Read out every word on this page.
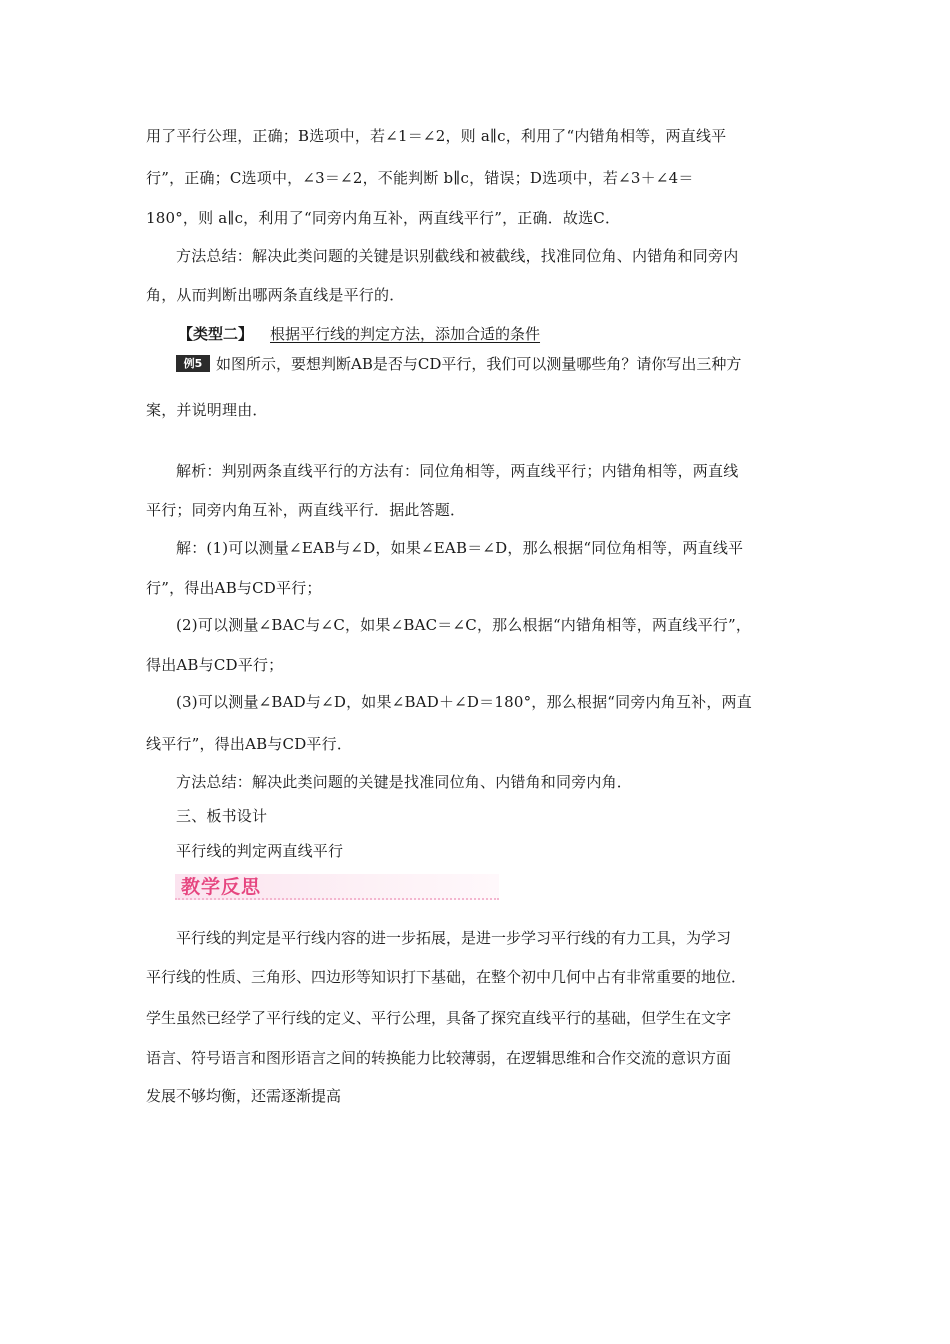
用了平行公理，正确；B选项中，若∠1＝∠2，则 a∥c，利用了“内错角相等，两直线平
行”，正确；C选项中，∠3＝∠2，不能判断 b∥c，错误；D选项中，若∠3＋∠4＝
180°，则 a∥c，利用了“同旁内角互补，两直线平行”，正确．故选C．
方法总结：解决此类问题的关键是识别截线和被截线，找准同位角、内错角和同旁内
角，从而判断出哪两条直线是平行的．
【类型二】 根据平行线的判定方法，添加合适的条件
例5 如图所示，要想判断AB是否与CD平行，我们可以测量哪些角？请你写出三种方
案，并说明理由．
解析：判别两条直线平行的方法有：同位角相等，两直线平行；内错角相等，两直线
平行；同旁内角互补，两直线平行．据此答题．
解：(1)可以测量∠EAB与∠D，如果∠EAB＝∠D，那么根据“同位角相等，两直线平
行”，得出AB与CD平行；
(2)可以测量∠BAC与∠C，如果∠BAC＝∠C，那么根据“内错角相等，两直线平行”，
得出AB与CD平行；
(3)可以测量∠BAD与∠D，如果∠BAD＋∠D＝180°，那么根据“同旁内角互补，两直
线平行”，得出AB与CD平行．
方法总结：解决此类问题的关键是找准同位角、内错角和同旁内角．
三、板书设计
平行线的判定两直线平行
教学反思
平行线的判定是平行线内容的进一步拓展，是进一步学习平行线的有力工具，为学习
平行线的性质、三角形、四边形等知识打下基础，在整个初中几何中占有非常重要的地位．
学生虽然已经学了平行线的定义、平行公理，具备了探究直线平行的基础，但学生在文字
语言、符号语言和图形语言之间的转换能力比较薄弱，在逻辑思维和合作交流的意识方面
发展不够均衡，还需逐渐提高
